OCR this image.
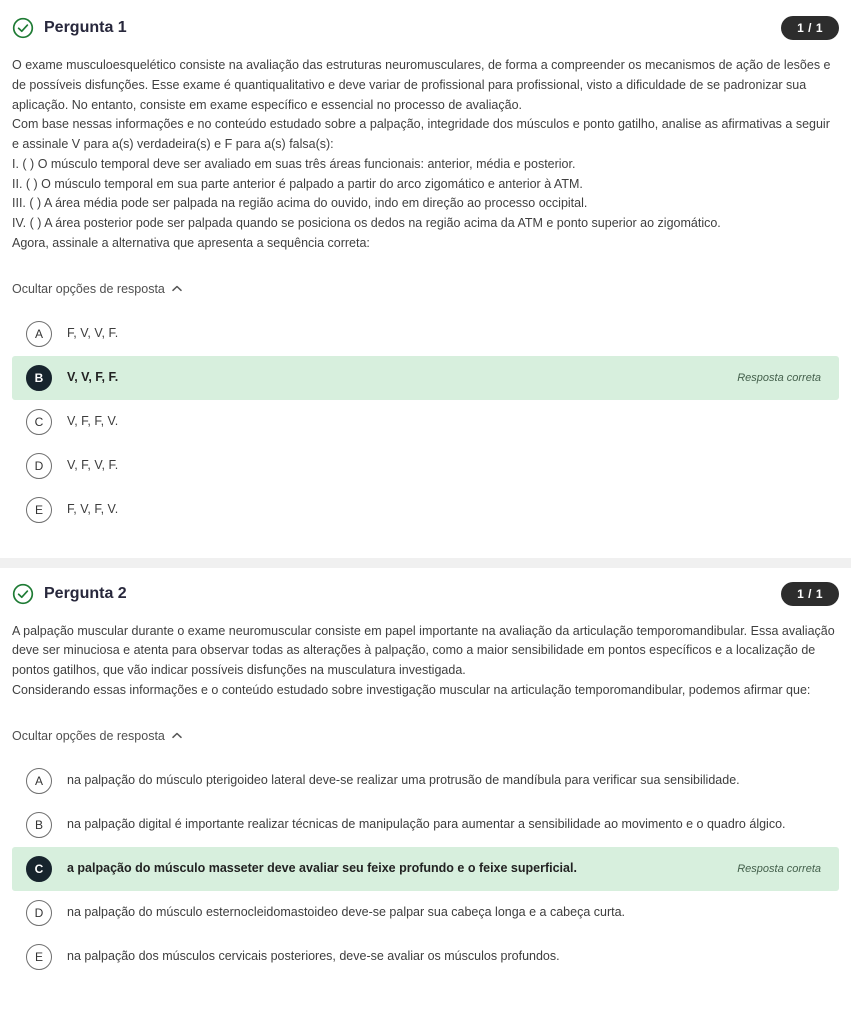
Pergunta 1	1 / 1

O exame musculoesquelético consiste na avaliação das estruturas neuromusculares, de forma a compreender os mecanismos de ação de lesões e de possíveis disfunções. Esse exame é quantiqualitativo e deve variar de profissional para profissional, visto a dificuldade de se padronizar sua aplicação. No entanto, consiste em exame específico e essencial no processo de avaliação.

Com base nessas informações e no conteúdo estudado sobre a palpação, integridade dos músculos e ponto gatilho, analise as afirmativas a seguir e assinale V para a(s) verdadeira(s) e F para a(s) falsa(s):

I. ( ) O músculo temporal deve ser avaliado em suas três áreas funcionais: anterior, média e posterior.

II. ( ) O músculo temporal em sua parte anterior é palpado a partir do arco zigomático e anterior à ATM.

III. ( ) A área média pode ser palpada na região acima do ouvido, indo em direção ao processo occipital.

IV. ( ) A área posterior pode ser palpada quando se posiciona os dedos na região acima da ATM e ponto superior ao zigomático.

Agora, assinale a alternativa que apresenta a sequência correta:

Ocultar opções de resposta
A	F, V, V, F.
B	V, V, F, F.	Resposta correta
C	V, F, F, V.
D	V, F, V, F.
E	F, V, F, V.
Pergunta 2	1 / 1

A palpação muscular durante o exame neuromuscular consiste em papel importante na avaliação da articulação temporomandibular. Essa avaliação deve ser minuciosa e atenta para observar todas as alterações à palpação, como a maior sensibilidade em pontos específicos e a localização de pontos gatilhos, que vão indicar possíveis disfunções na musculatura investigada.

Considerando essas informações e o conteúdo estudado sobre investigação muscular na articulação temporomandibular, podemos afirmar que:

Ocultar opções de resposta
A	na palpação do músculo pterigoideo lateral deve-se realizar uma protrusão de mandíbula para verificar sua sensibilidade.
B	na palpação digital é importante realizar técnicas de manipulação para aumentar a sensibilidade ao movimento e o quadro álgico.
C	a palpação do músculo masseter deve avaliar seu feixe profundo e o feixe superficial.	Resposta correta
D	na palpação do músculo esternocleidomastoideo deve-se palpar sua cabeça longa e a cabeça curta.
E	na palpação dos músculos cervicais posteriores, deve-se avaliar os músculos profundos.
